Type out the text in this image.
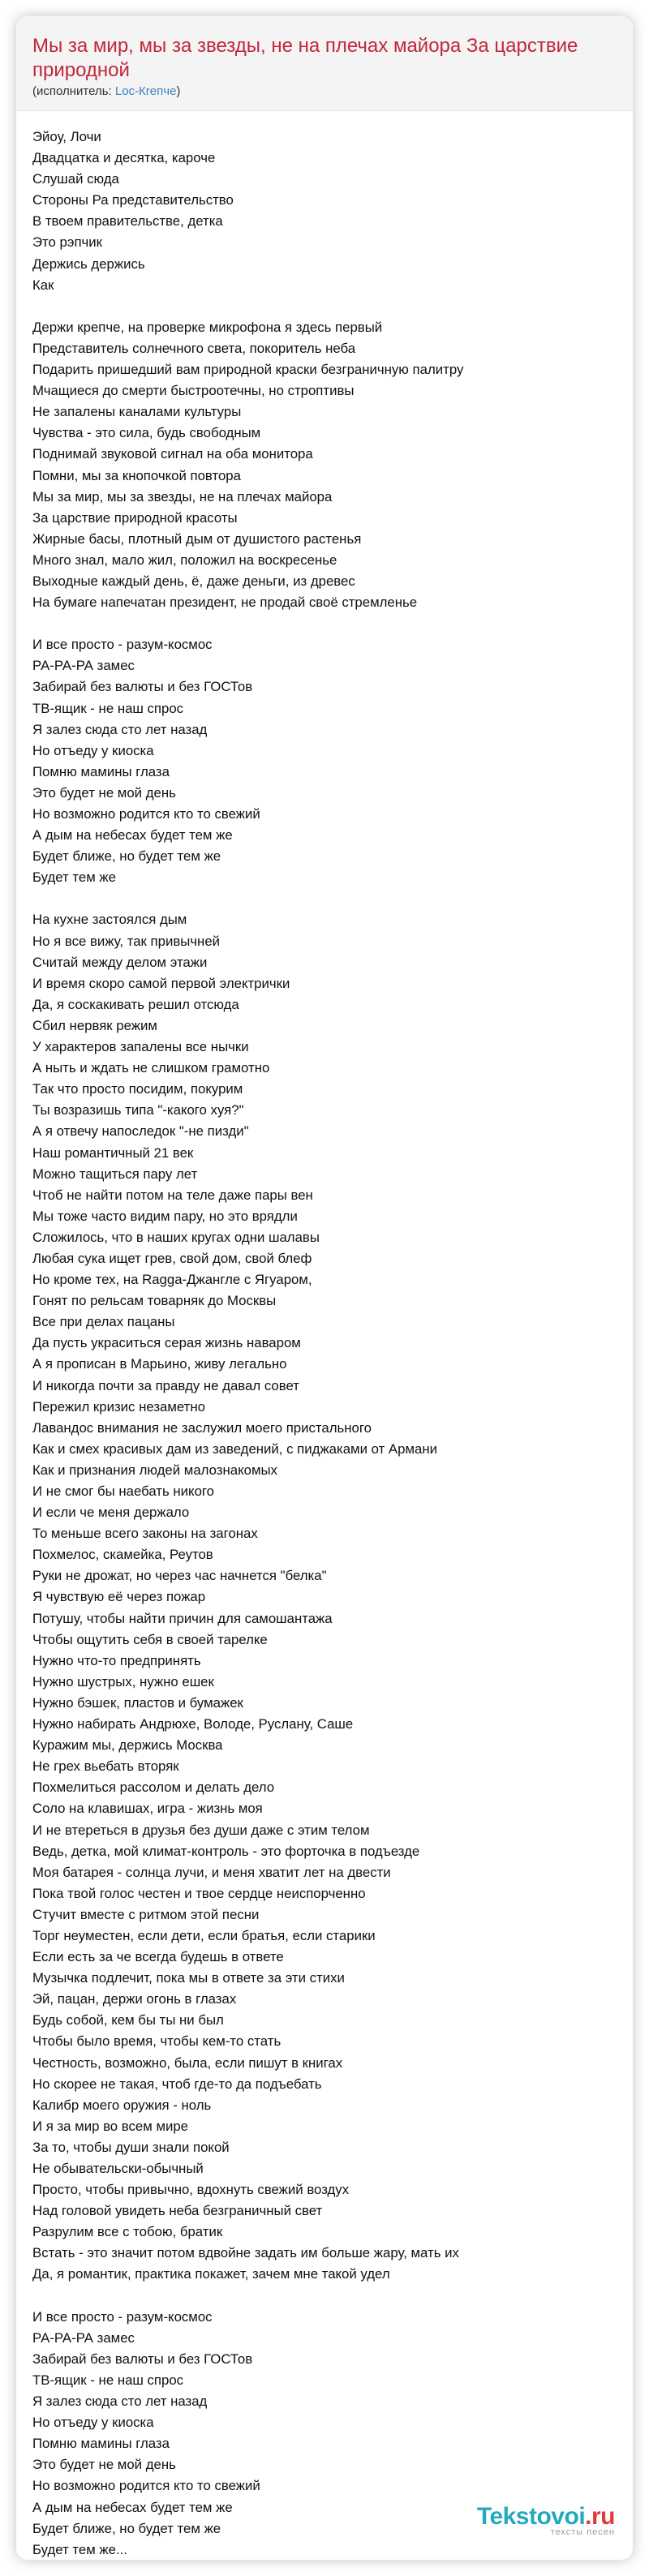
Мы за мир, мы за звезды, не на плечах майора За царствие природной
(исполнитель: Loc-Кrепче)
Эйоу, Лочи
Двадцатка и десятка, кароче
Слушай сюда
Стороны Ра представительство
В твоем правительстве, детка
Это рэпчик
Держись держись
Как
Держи крепче, на проверке микрофона я здесь первый
Представитель солнечного света, покоритель неба
Подарить пришедший вам природной краски безграничную палитру
Мчащиеся до смерти быстроотечны, но строптивы
Не запалены каналами культуры
Чувства - это сила, будь свободным
Поднимай звуковой сигнал на оба монитора
Помни, мы за кнопочкой повтора
Мы за мир, мы за звезды, не на плечах майора
За царствие природной красоты
Жирные басы, плотный дым от душистого растенья
Много знал, мало жил, положил на воскресенье
Выходные каждый день, ё, даже деньги, из древес
На бумаге напечатан президент, не продай своё стремленье
И все просто - разум-космос
РА-РА-РА замес
Забирай без валюты и без ГОСТов
ТВ-ящик - не наш спрос
Я залез сюда сто лет назад
Но отъеду у киоска
Помню мамины глаза
Это будет не мой день
Но возможно родится кто то свежий
А дым на небесах будет тем же
Будет ближе, но будет тем же
Будет тем же
На кухне застоялся дым
Но я все вижу, так привычней
Считай между делом этажи
И время скоро самой первой электрички
Да, я соскакивать решил отсюда
Сбил нервяк режим
У характеров запалены все нычки
А ныть и ждать не слишком грамотно
Так что просто посидим, покурим
Ты возразишь типа "-какого хуя?"
А я отвечу напоследок "-не пизди"
Наш романтичный 21 век
Можно тащиться пару лет
Чтоб не найти потом на теле даже пары вен
Мы тоже часто видим пару, но это врядли
Сложилось, что в наших кругах одни шалавы
Любая сука ищет грев, свой дом, свой блеф
Но кроме тех, на Ragga-Джангле с Ягуаром,
Гонят по рельсам товарняк до Москвы
Все при делах пацаны
Да пусть украситься серая жизнь наваром
А я прописан в Марьино, живу легально
И никогда почти за правду не давал совет
Пережил кризис незаметно
Лавандос внимания не заслужил моего пристального
Как и смех красивых дам из заведений, с пиджаками от Армани
Как и признания людей малознакомых
И не смог бы наебать никого
И если че меня держало
То меньше всего законы на загонах
Похмелос, скамейка, Реутов
Руки не дрожат, но через час начнется "белка"
Я чувствую её через пожар
Потушу, чтобы найти причин для самошантажа
Чтобы ощутить себя в своей тарелке
Нужно что-то предпринять
Нужно шустрых, нужно ешек
Нужно бэшек, пластов и бумажек
Нужно набирать Андрюхе, Володе, Руслану, Саше
Куражим мы, держись Москва
Не грех вьебать вторяк
Похмелиться рассолом и делать дело
Соло на клавишах, игра - жизнь моя
И не втереться в друзья без души даже с этим телом
Ведь, детка, мой климат-контроль - это форточка в подъезде
Моя батарея - солнца лучи, и меня хватит лет на двести
Пока твой голос честен и твое сердце неиспорченно
Стучит вместе с ритмом этой песни
Торг неуместен, если дети, если братья, если старики
Если есть за че всегда будешь в ответе
Музычка подлечит, пока мы в ответе за эти стихи
Эй, пацан, держи огонь в глазах
Будь собой, кем бы ты ни был
Чтобы было время, чтобы кем-то стать
Честность, возможно, была, если пишут в книгах
Но скорее не такая, чтоб где-то да подъебать
Калибр моего оружия - ноль
И я за мир во всем мире
За то, чтобы души знали покой
Не обывательски-обычный
Просто, чтобы привычно, вдохнуть свежий воздух
Над головой увидеть неба безграничный свет
Разрулим все с тобою, братик
Встать - это значит потом вдвойне задать им больше жару, мать их
Да, я романтик, практика покажет, зачем мне такой удел
И все просто - разум-космос
РА-РА-РА замес
Забирай без валюты и без ГОСТов
ТВ-ящик - не наш спрос
Я залез сюда сто лет назад
Но отъеду у киоска
Помню мамины глаза
Это будет не мой день
Но возможно родится кто то свежий
А дым на небесах будет тем же
Будет ближе, но будет тем же
Будет тем же...
Tekstovoi.ru
тексты песен
